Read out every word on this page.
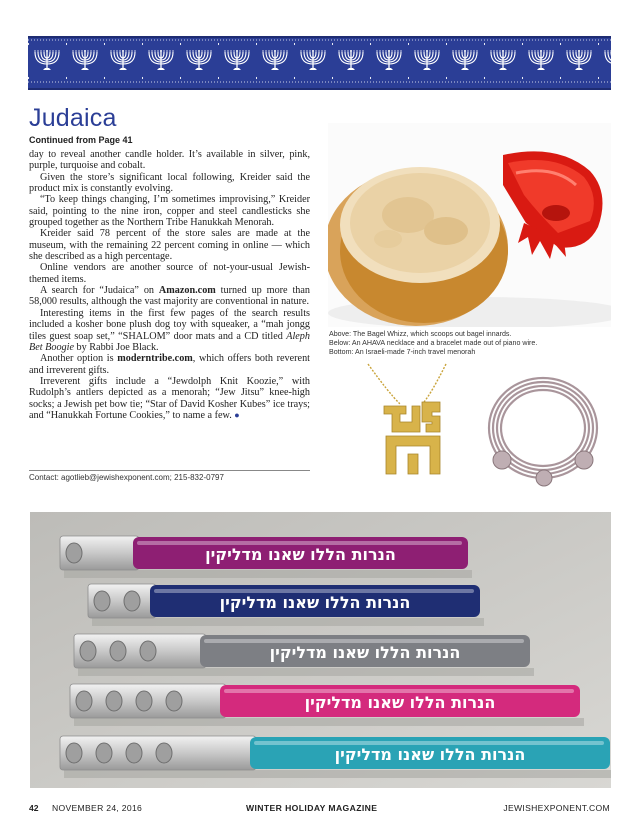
Judaica
Continued from Page 41

day to reveal another candle holder. It’s available in silver, pink, purple, turquoise and cobalt.

Given the store’s significant local following, Kreider said the product mix is constantly evolving.

“To keep things changing, I’m sometimes improvising,” Kreider said, pointing to the nine iron, copper and steel candlesticks she grouped together as the Northern Tribe Hanukkah Menorah.

Kreider said 78 percent of the store sales are made at the museum, with the remaining 22 percent coming in online — which she described as a high percentage.

Online vendors are another source of not-your-usual Jewish-themed items.

A search for “Judaica” on Amazon.com turned up more than 58,000 results, although the vast majority are conventional in nature.

Interesting items in the first few pages of the search results included a kosher bone plush dog toy with squeaker, a “mah jongg tiles guest soap set,” “SHALOM” door mats and a CD titled Aleph Bet Boogie by Rabbi Joe Black.

Another option is moderntribe.com, which offers both reverent and irreverent gifts.

Irreverent gifts include a “Jewdolph Knit Koozie,” with Rudolph’s antlers depicted as a menorah; “Jew Jitsu” knee-high socks; a Jewish pet bow tie; “Star of David Kosher Kubes” ice trays; and “Hanukkah Fortune Cookies,” to name a few. ●

Contact: agotlieb@jewishexponent.com; 215-832-0797
Above: The Bagel Whizz, which scoops out bagel innards.
Below: An AHAVA necklace and a bracelet made out of piano wire.
Bottom: An Israeli-made 7-inch travel menorah
הנרות הללו שאנו מדליקין
הנרות הללו שאנו מדליקין
הנרות הללו שאנו מדליקין
הנרות הללו שאנו מדליקין
הנרות הללו שאנו מדליקין
42 NOVEMBER 24, 2016	WINTER HOLIDAY MAGAZINE	JEWISHEXPONENT.COM
